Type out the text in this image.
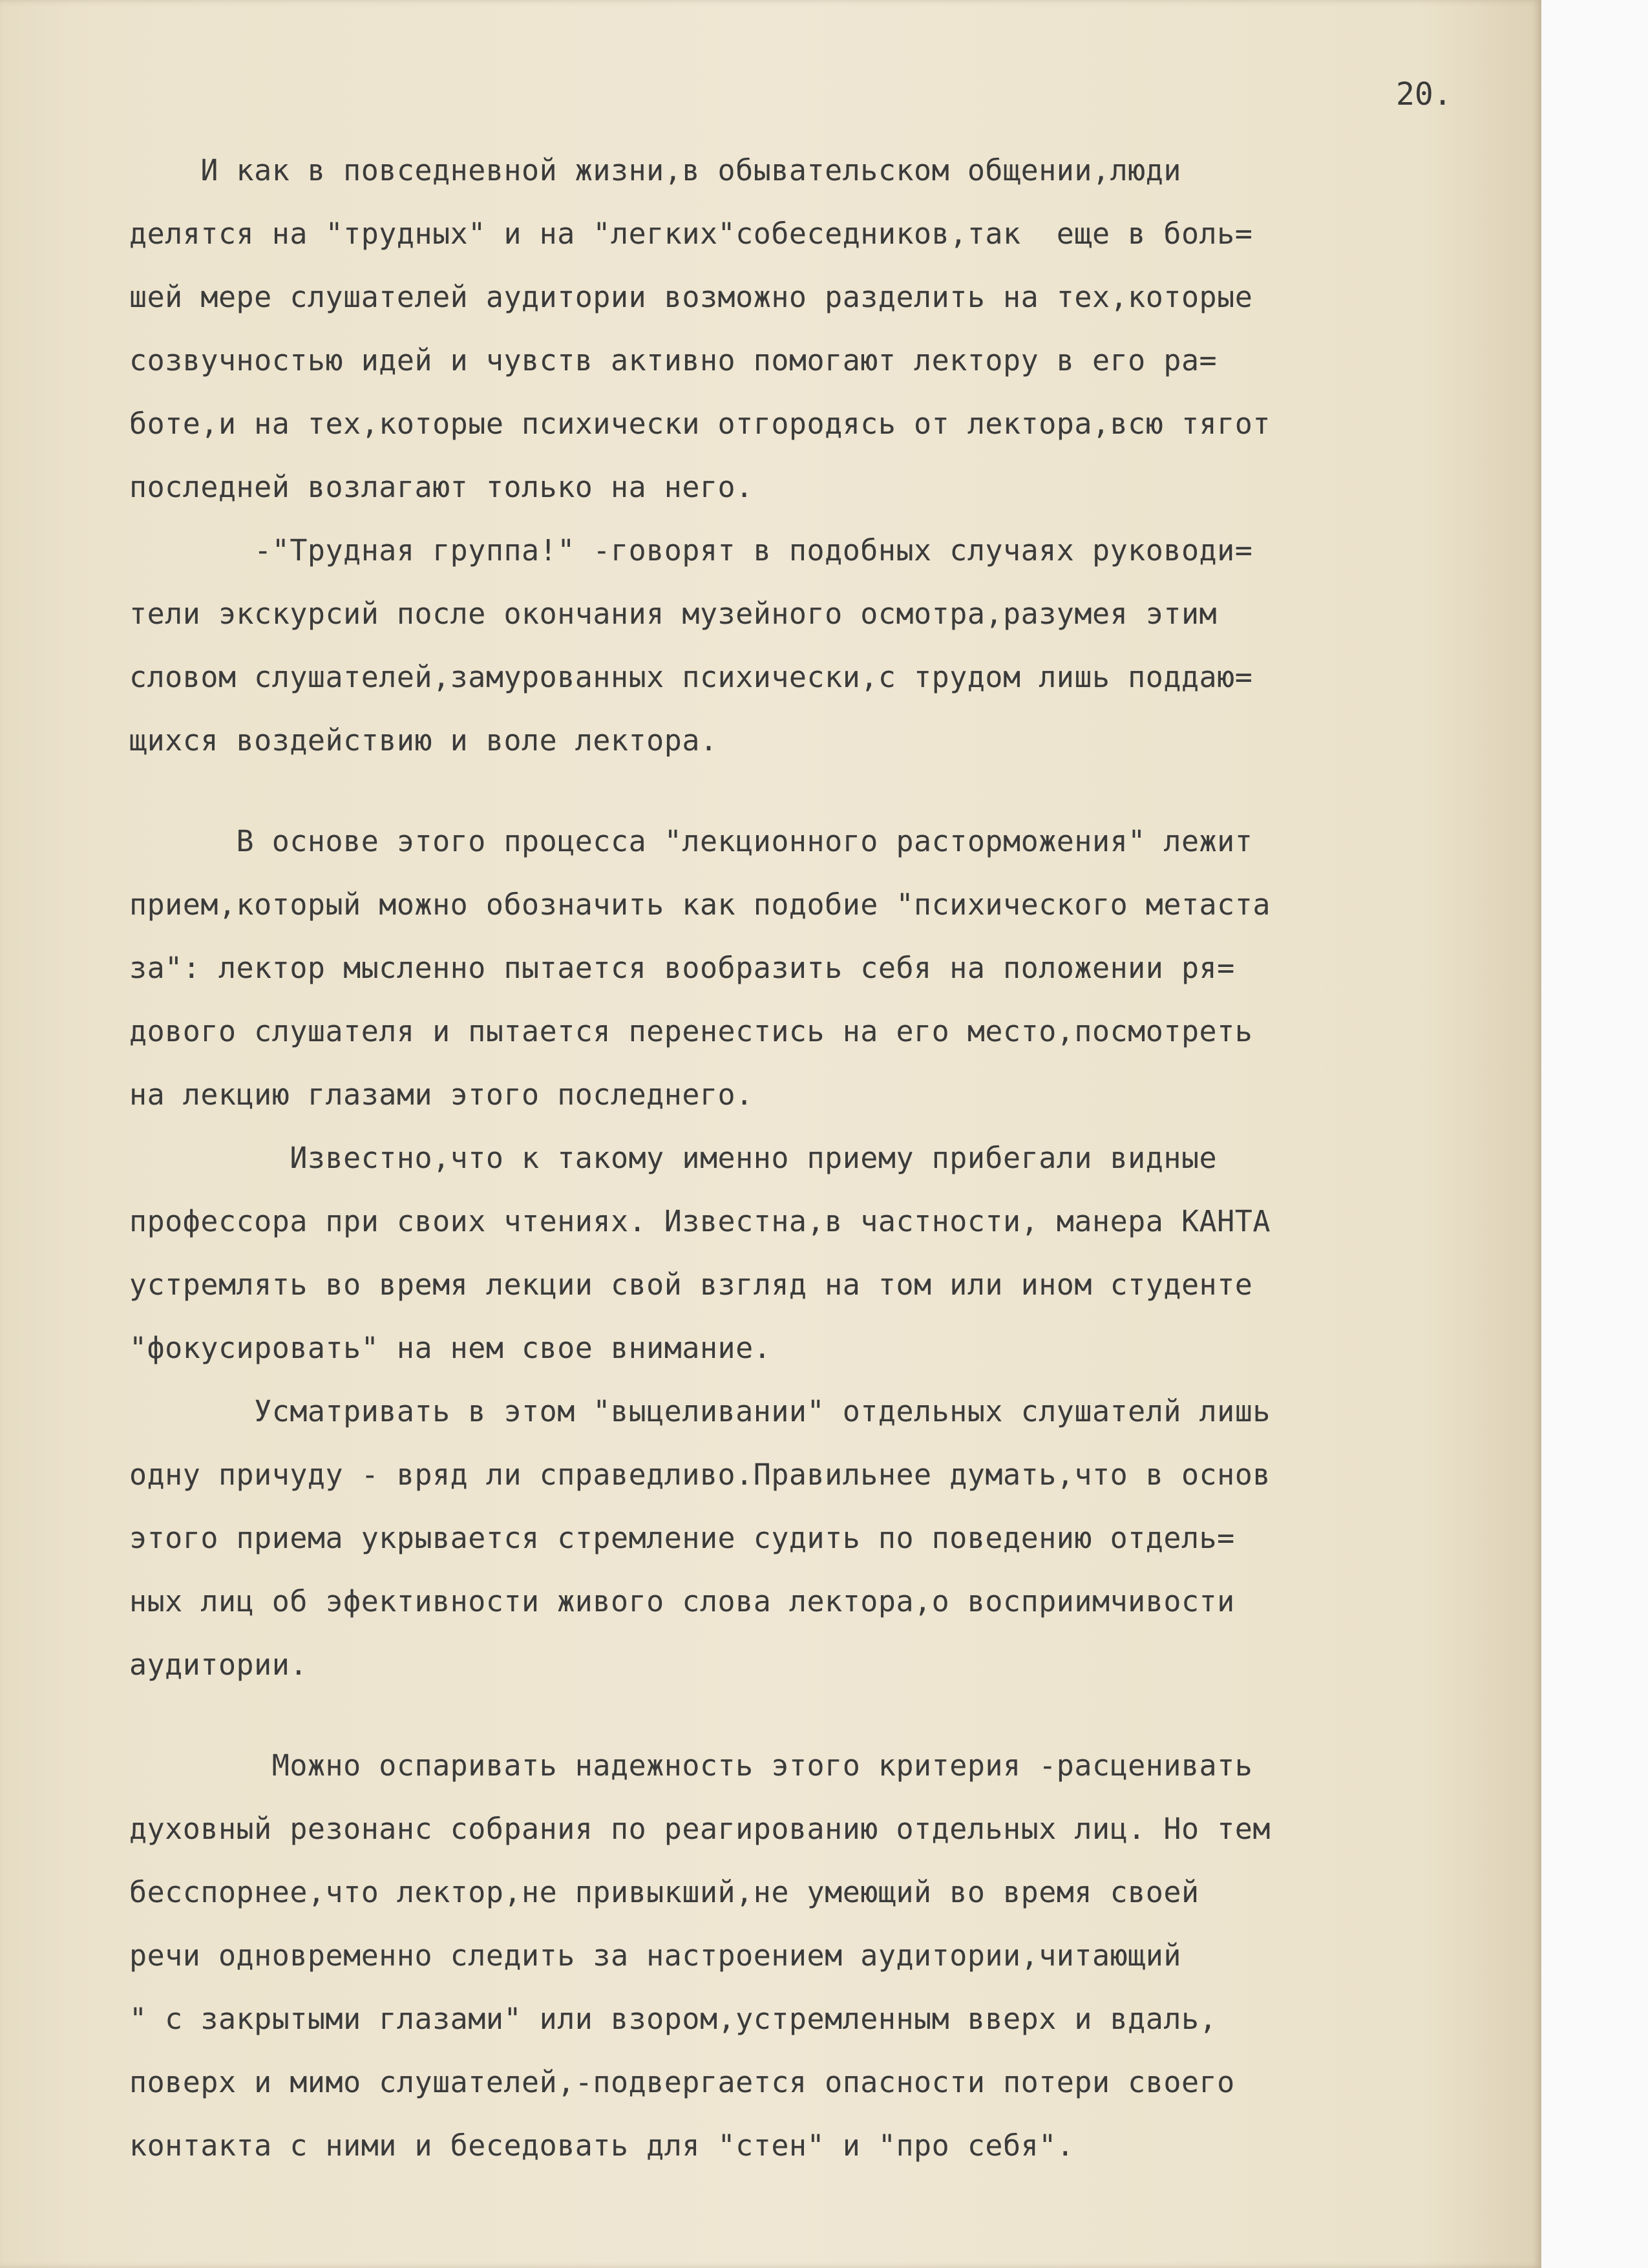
20.
И как в повседневной жизни,в обывательском общении,люди
делятся на "трудных" и на "легких"собеседников,так  еще в боль=
шей мере слушателей аудитории возможно разделить на тех,которые
созвучностью идей и чувств активно помогают лектору в его ра=
боте,и на тех,которые психически отгородясь от лектора,всю тягот
последней возлагают только на него.
-"Трудная группа!" -говорят в подобных случаях руководи=
тели экскурсий после окончания музейного осмотра,разумея этим
словом слушателей,замурованных психически,с трудом лишь поддаю=
щихся воздействию и воле лектора.
В основе этого процесса "лекционного растормoжения" лежит
прием,который можно обозначить как подобие "психического метаста
за": лектор мысленно пытается вообразить себя на положении ря=
дового слушателя и пытается перенестись на его место,посмотреть
на лекцию глазами этого последнего.
Известно,что к такому именно приему прибегали видные
профессора при своих чтениях. Известна,в частности, манера КАНТА
устремлять во время лекции свой взгляд на том или ином студенте
"фокусировать" на нем свое внимание.
Усматривать в этом "выцеливании" отдельных слушателй лишь
одну причуду - вряд ли справедливо.Правильнее думать,что в основ
этого приема укрывается стремление судить по поведению отдель=
ных лиц об эфективности живого слова лектора,о восприимчивости
аудитории.
Можно оспаривать надежность этого критерия -расценивать
духовный резонанс собрания по реагированию отдельных лиц. Но тем
бесспорнее,что лектор,не привыкший,не умеющий во время своей
речи одновременно следить за настроением аудитории,читающий
" с закрытыми глазами" или взором,устремленным вверх и вдаль,
поверх и мимо слушателей,-подвергается опасности потери своего
контакта с ними и беседовать для "стен" и "про себя".
